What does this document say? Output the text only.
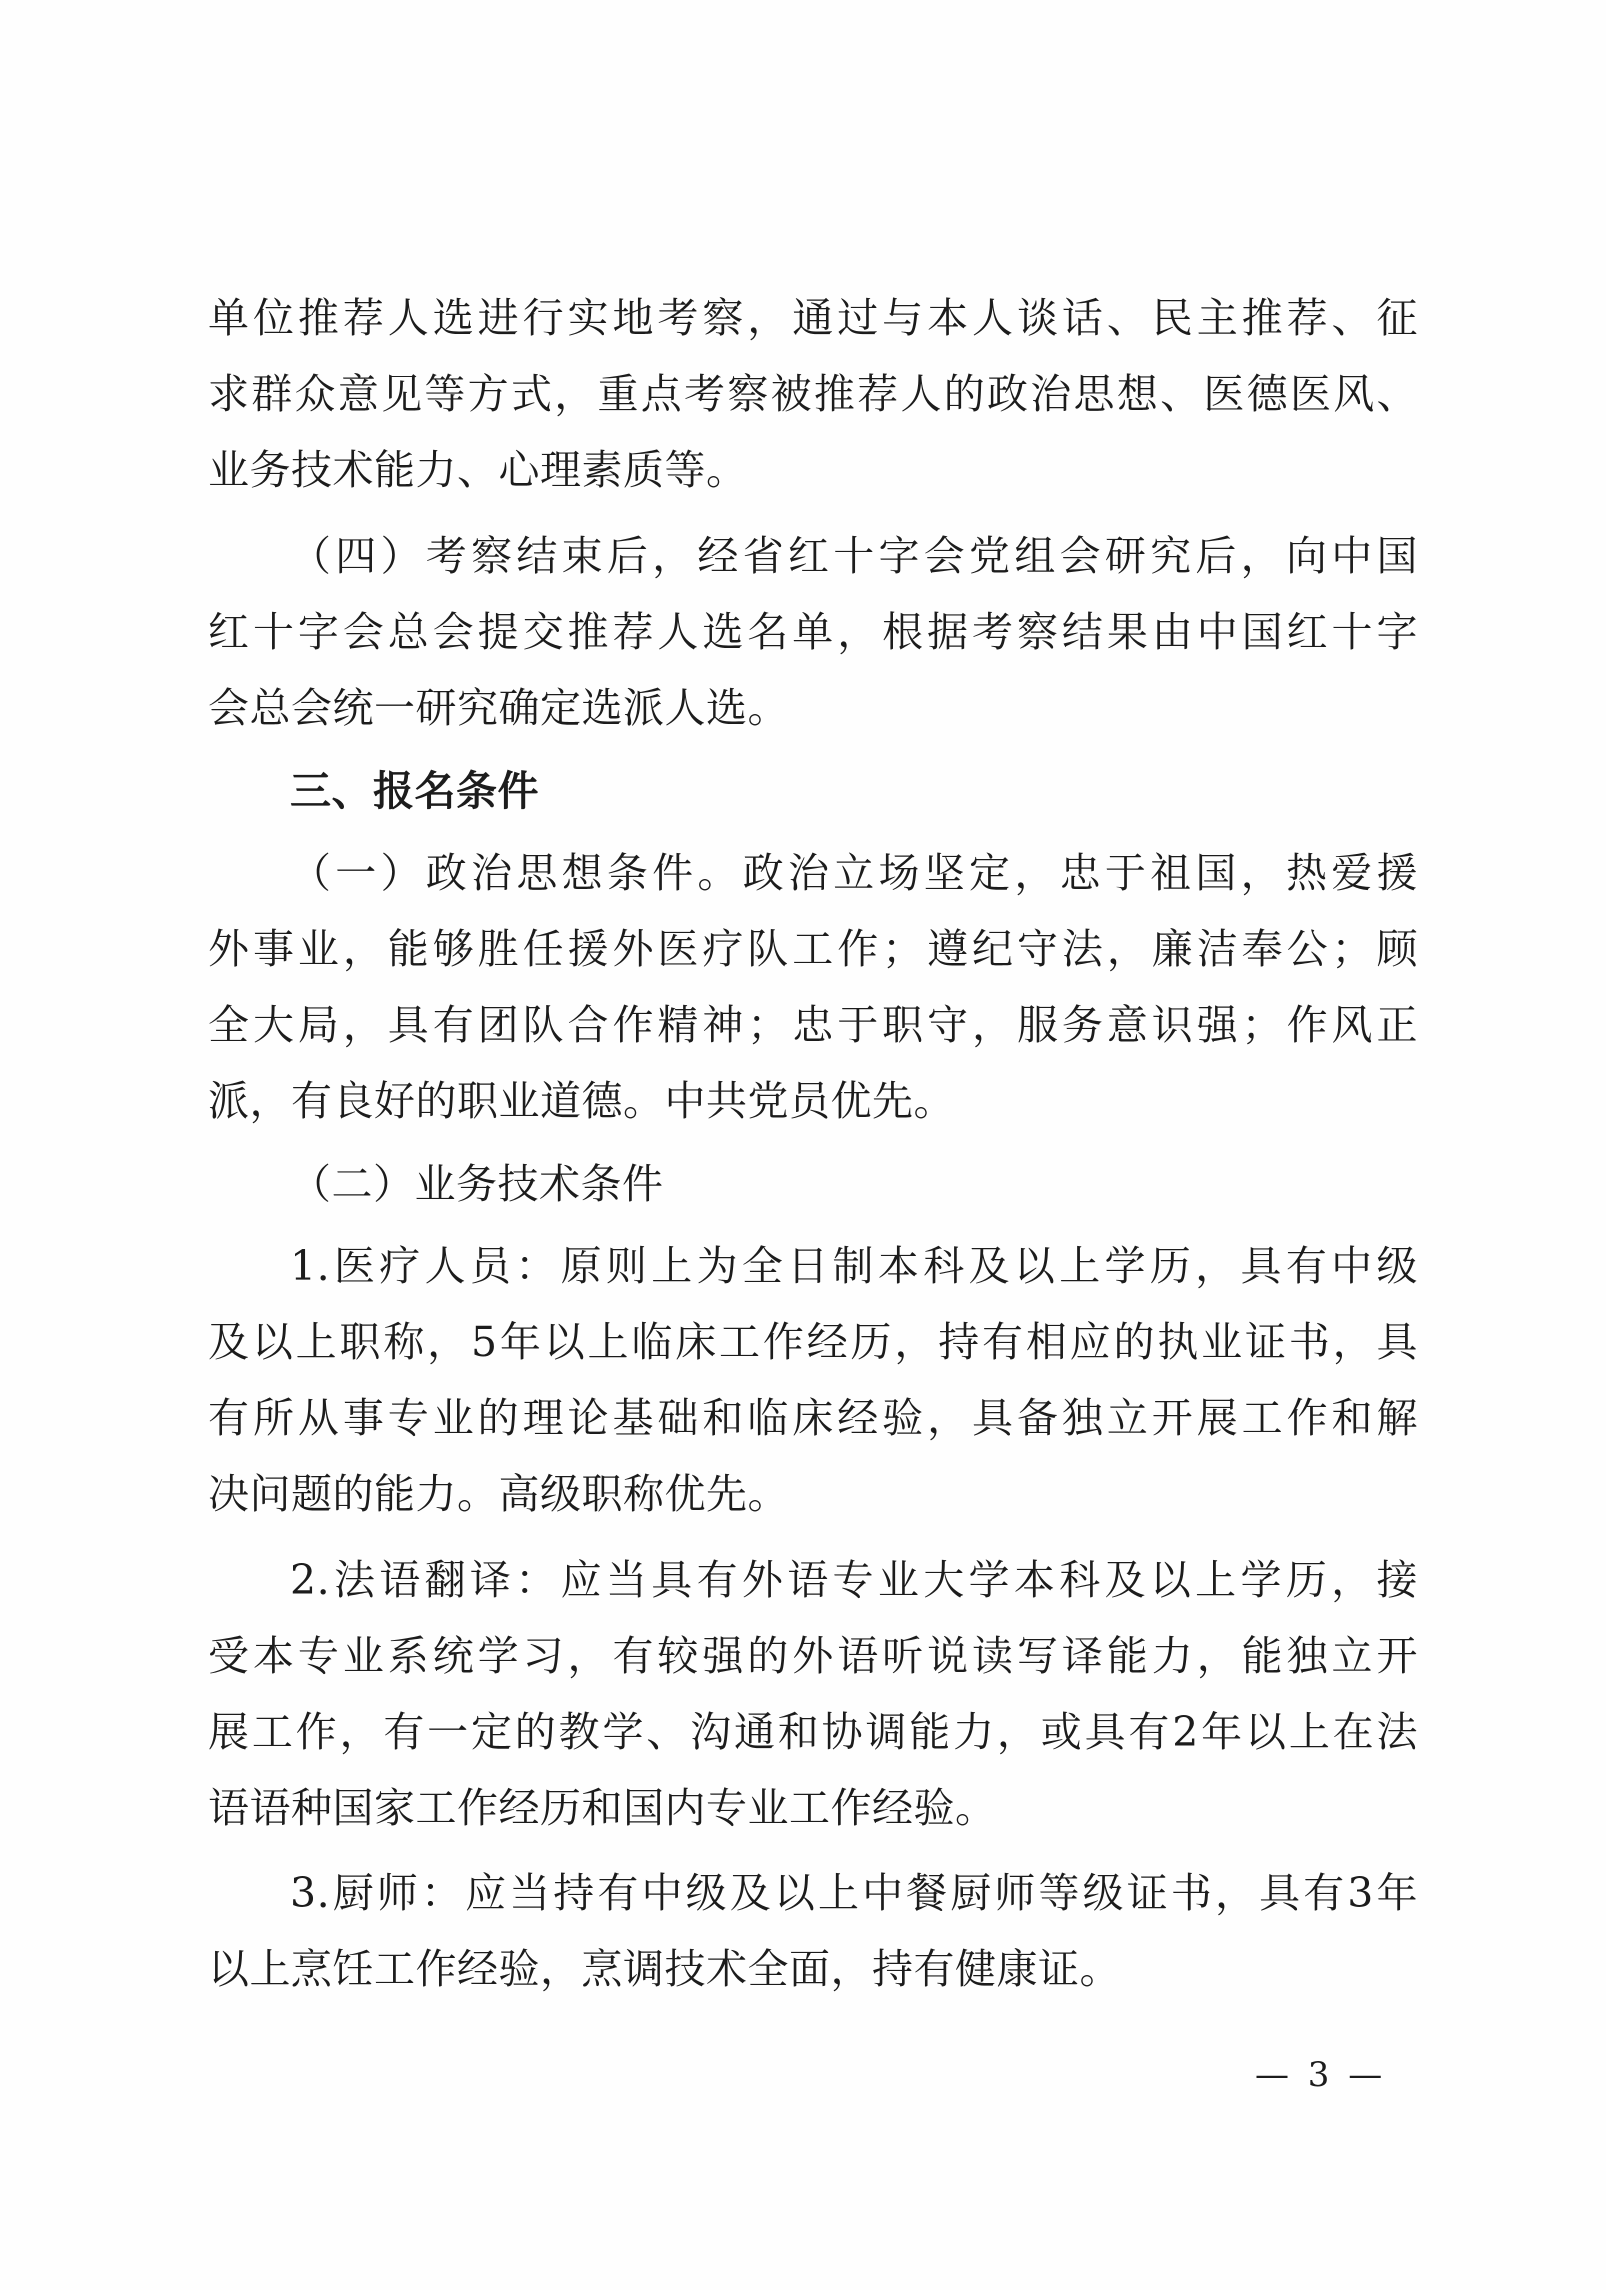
单位推荐人选进行实地考察，通过与本人谈话、民主推荐、征
求群众意见等方式，重点考察被推荐人的政治思想、医德医风、
业务技术能力、心理素质等。
（四）考察结束后，经省红十字会党组会研究后，向中国
红十字会总会提交推荐人选名单，根据考察结果由中国红十字
会总会统一研究确定选派人选。
三、报名条件
（一）政治思想条件。政治立场坚定，忠于祖国，热爱援
外事业，能够胜任援外医疗队工作；遵纪守法，廉洁奉公；顾
全大局，具有团队合作精神；忠于职守，服务意识强；作风正
派，有良好的职业道德。中共党员优先。
（二）业务技术条件
1.医疗人员：原则上为全日制本科及以上学历，具有中级
及以上职称，5年以上临床工作经历，持有相应的执业证书，具
有所从事专业的理论基础和临床经验，具备独立开展工作和解
决问题的能力。高级职称优先。
2.法语翻译：应当具有外语专业大学本科及以上学历，接
受本专业系统学习，有较强的外语听说读写译能力，能独立开
展工作，有一定的教学、沟通和协调能力，或具有2年以上在法
语语种国家工作经历和国内专业工作经验。
3.厨师：应当持有中级及以上中餐厨师等级证书，具有3年
以上烹饪工作经验，烹调技术全面，持有健康证。
— 3 —
